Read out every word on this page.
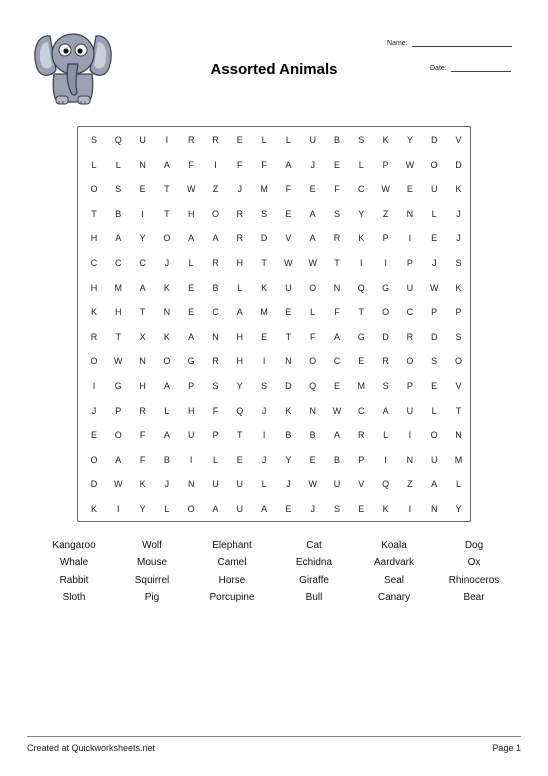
Assorted Animals
Name:
Date:
S	Q	U	I	R	R	E	L	L	U	B	S	K	Y	D	V
L	L	N	A	F	I	F	F	A	J	E	L	P	W	O	D
O	S	E	T	W	Z	J	M	F	E	F	C	W	E	U	K
T	B	I	T	H	O	R	S	E	A	S	Y	Z	N	L	J
H	A	Y	O	A	A	R	D	V	A	R	K	P	I	E	J
C	C	C	J	L	R	H	T	W	W	T	I	I	P	J	S
H	M	A	K	E	B	L	K	U	O	N	Q	G	U	W	K
K	H	T	N	E	C	A	M	E	L	F	T	O	C	P	P
R	T	X	K	A	N	H	E	T	F	A	G	D	R	D	S
O	W	N	O	G	R	H	I	N	O	C	E	R	O	S	O
I	G	H	A	P	S	Y	S	D	Q	E	M	S	P	E	V
J	P	R	L	H	F	Q	J	K	N	W	C	A	U	L	T
E	O	F	A	U	P	T	I	B	B	A	R	L	I	O	N
O	A	F	B	I	L	E	J	Y	E	B	P	I	N	U	M
D	W	K	J	N	U	U	L	J	W	U	V	Q	Z	A	L
K	I	Y	L	O	A	U	A	E	J	S	E	K	I	N	Y
Kangaroo	Wolf	Elephant	Cat	Koala	Dog
Whale	Mouse	Camel	Echidna	Aardvark	Ox
Rabbit	Squirrel	Horse	Giraffe	Seal	Rhinoceros
Sloth	Pig	Porcupine	Bull	Canary	Bear
Created at Quickworksheets.net	Page 1
